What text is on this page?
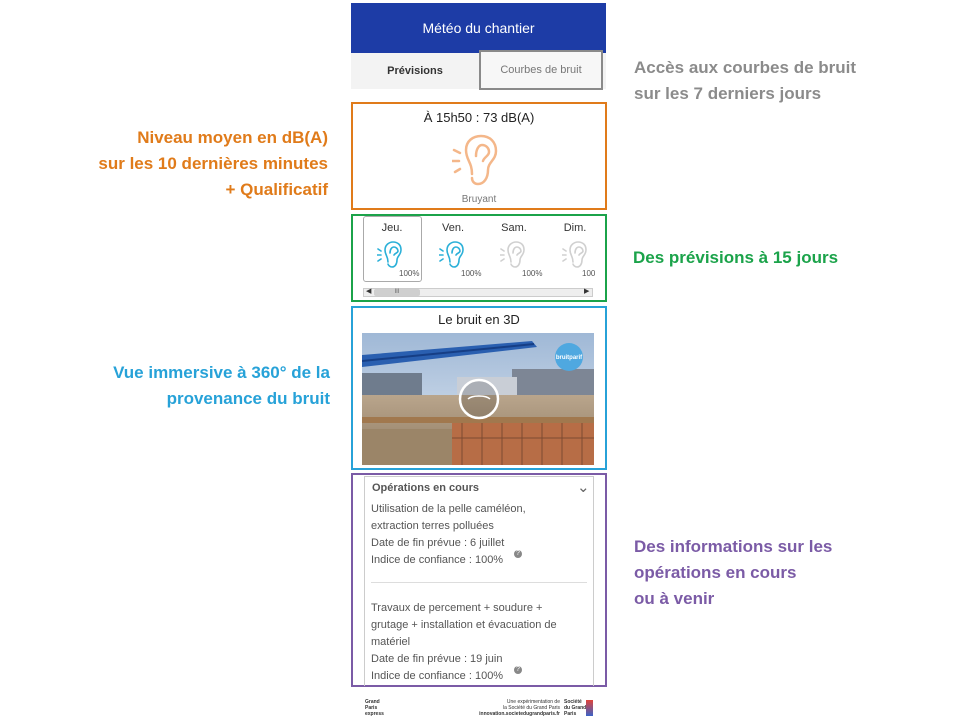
Météo du chantier
Prévisions	Courbes de bruit
À 15h50 : 73 dB(A)
Bruyant
Jeu.
100%
Ven.
100%
Sam.
100%
Dim.
100
III
◀	▶
Le bruit en 3D
bruitparif
Opérations en cours	⌄
Utilisation de la pelle caméléon,
extraction terres polluées
Date de fin prévue : 6 juillet
Indice de confiance : 100%
?
Travaux de percement + soudure +
grutage + installation et évacuation de
matériel
Date de fin prévue : 19 juin
Indice de confiance : 100%
?
Grand
Paris
express
Une expérimentation de
la Société du Grand Paris
innovation.societedugrandparis.fr
Société
du Grand
Paris
Accès aux courbes de bruit
sur les 7 derniers jours
Niveau moyen en dB(A)
sur les 10 dernières minutes
+ Qualificatif
Des prévisions à 15 jours
Vue immersive à 360° de la
provenance du bruit
Des informations sur les
opérations en cours
ou à venir
